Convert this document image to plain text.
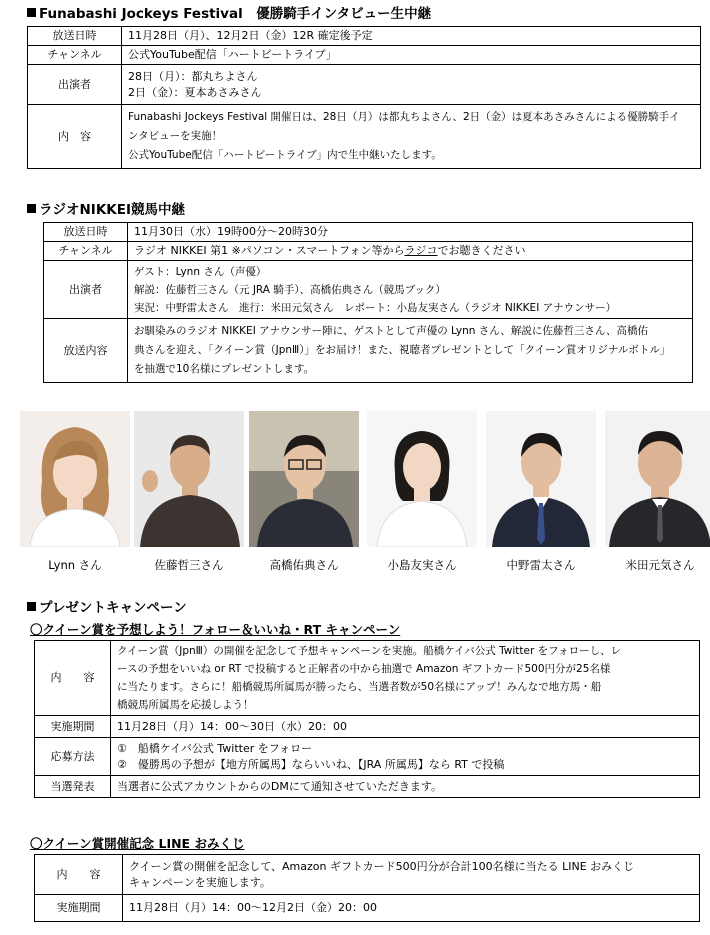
Funabashi Jockeys Festival　優勝騎手インタビュー生中継
放送日時	11月28日（月）、12月2日（金）12R 確定後予定

チャンネル	公式YouTube配信「ハートビートライブ」

出演者	28日（月）：都丸ちよさん
2日（金）：夏本あさみさん

内　容	Funabashi Jockeys Festival 開催日は、28日（月）は都丸ちよさん、2日（金）は夏本あさみさんによる優勝騎手イ
ンタビューを実施！
公式YouTube配信「ハートビートライブ」内で生中継いたします。
ラジオNIKKEI競馬中継
放送日時	11月30日（水）19時00分～20時30分

チャンネル	ラジオ NIKKEI 第1 ※パソコン・スマートフォン等からラジコでお聴きください

出演者	ゲスト：Lynn さん（声優）
解説：佐藤哲三さん（元 JRA 騎手）、高橋佑典さん（競馬ブック）
実況：中野雷太さん　進行：米田元気さん　レポート：小島友実さん（ラジオ NIKKEI アナウンサー）

放送内容	お馴染みのラジオ NIKKEI アナウンサー陣に、ゲストとして声優の Lynn さん、解説に佐藤哲三さん、高橋佑
典さんを迎え、「クイーン賞（JpnⅢ）」をお届け！また、視聴者プレゼントとして「クイーン賞オリジナルボトル」
を抽選で10名様にプレゼントします。
Lynn さん	佐藤哲三さん	高橋佑典さん	小島友実さん	中野雷太さん	米田元気さん
プレゼントキャンペーン
〇クイーン賞を予想しよう！フォロー＆いいね・RT キャンペーン
内　　容	クイーン賞（JpnⅢ）の開催を記念して予想キャンペーンを実施。船橋ケイバ公式 Twitter をフォローし、レ
ースの予想をいいね or RT で投稿すると正解者の中から抽選で Amazon ギフトカード500円分が25名様
に当たります。さらに！船橋競馬所属馬が勝ったら、当選者数が50名様にアップ！みんなで地方馬・船
橋競馬所属馬を応援しよう！

実施期間	11月28日（月）14：00～30日（水）20：00

応募方法	①　船橋ケイバ公式 Twitter をフォロー
②　優勝馬の予想が【地方所属馬】ならいいね、【JRA 所属馬】なら RT で投稿

当選発表	当選者に公式アカウントからのDMにて通知させていただきます。
〇クイーン賞開催記念 LINE おみくじ
内　　容	クイーン賞の開催を記念して、Amazon ギフトカード500円分が合計100名様に当たる LINE おみくじ
キャンペーンを実施します。

実施期間	11月28日（月）14：00～12月2日（金）20：00
